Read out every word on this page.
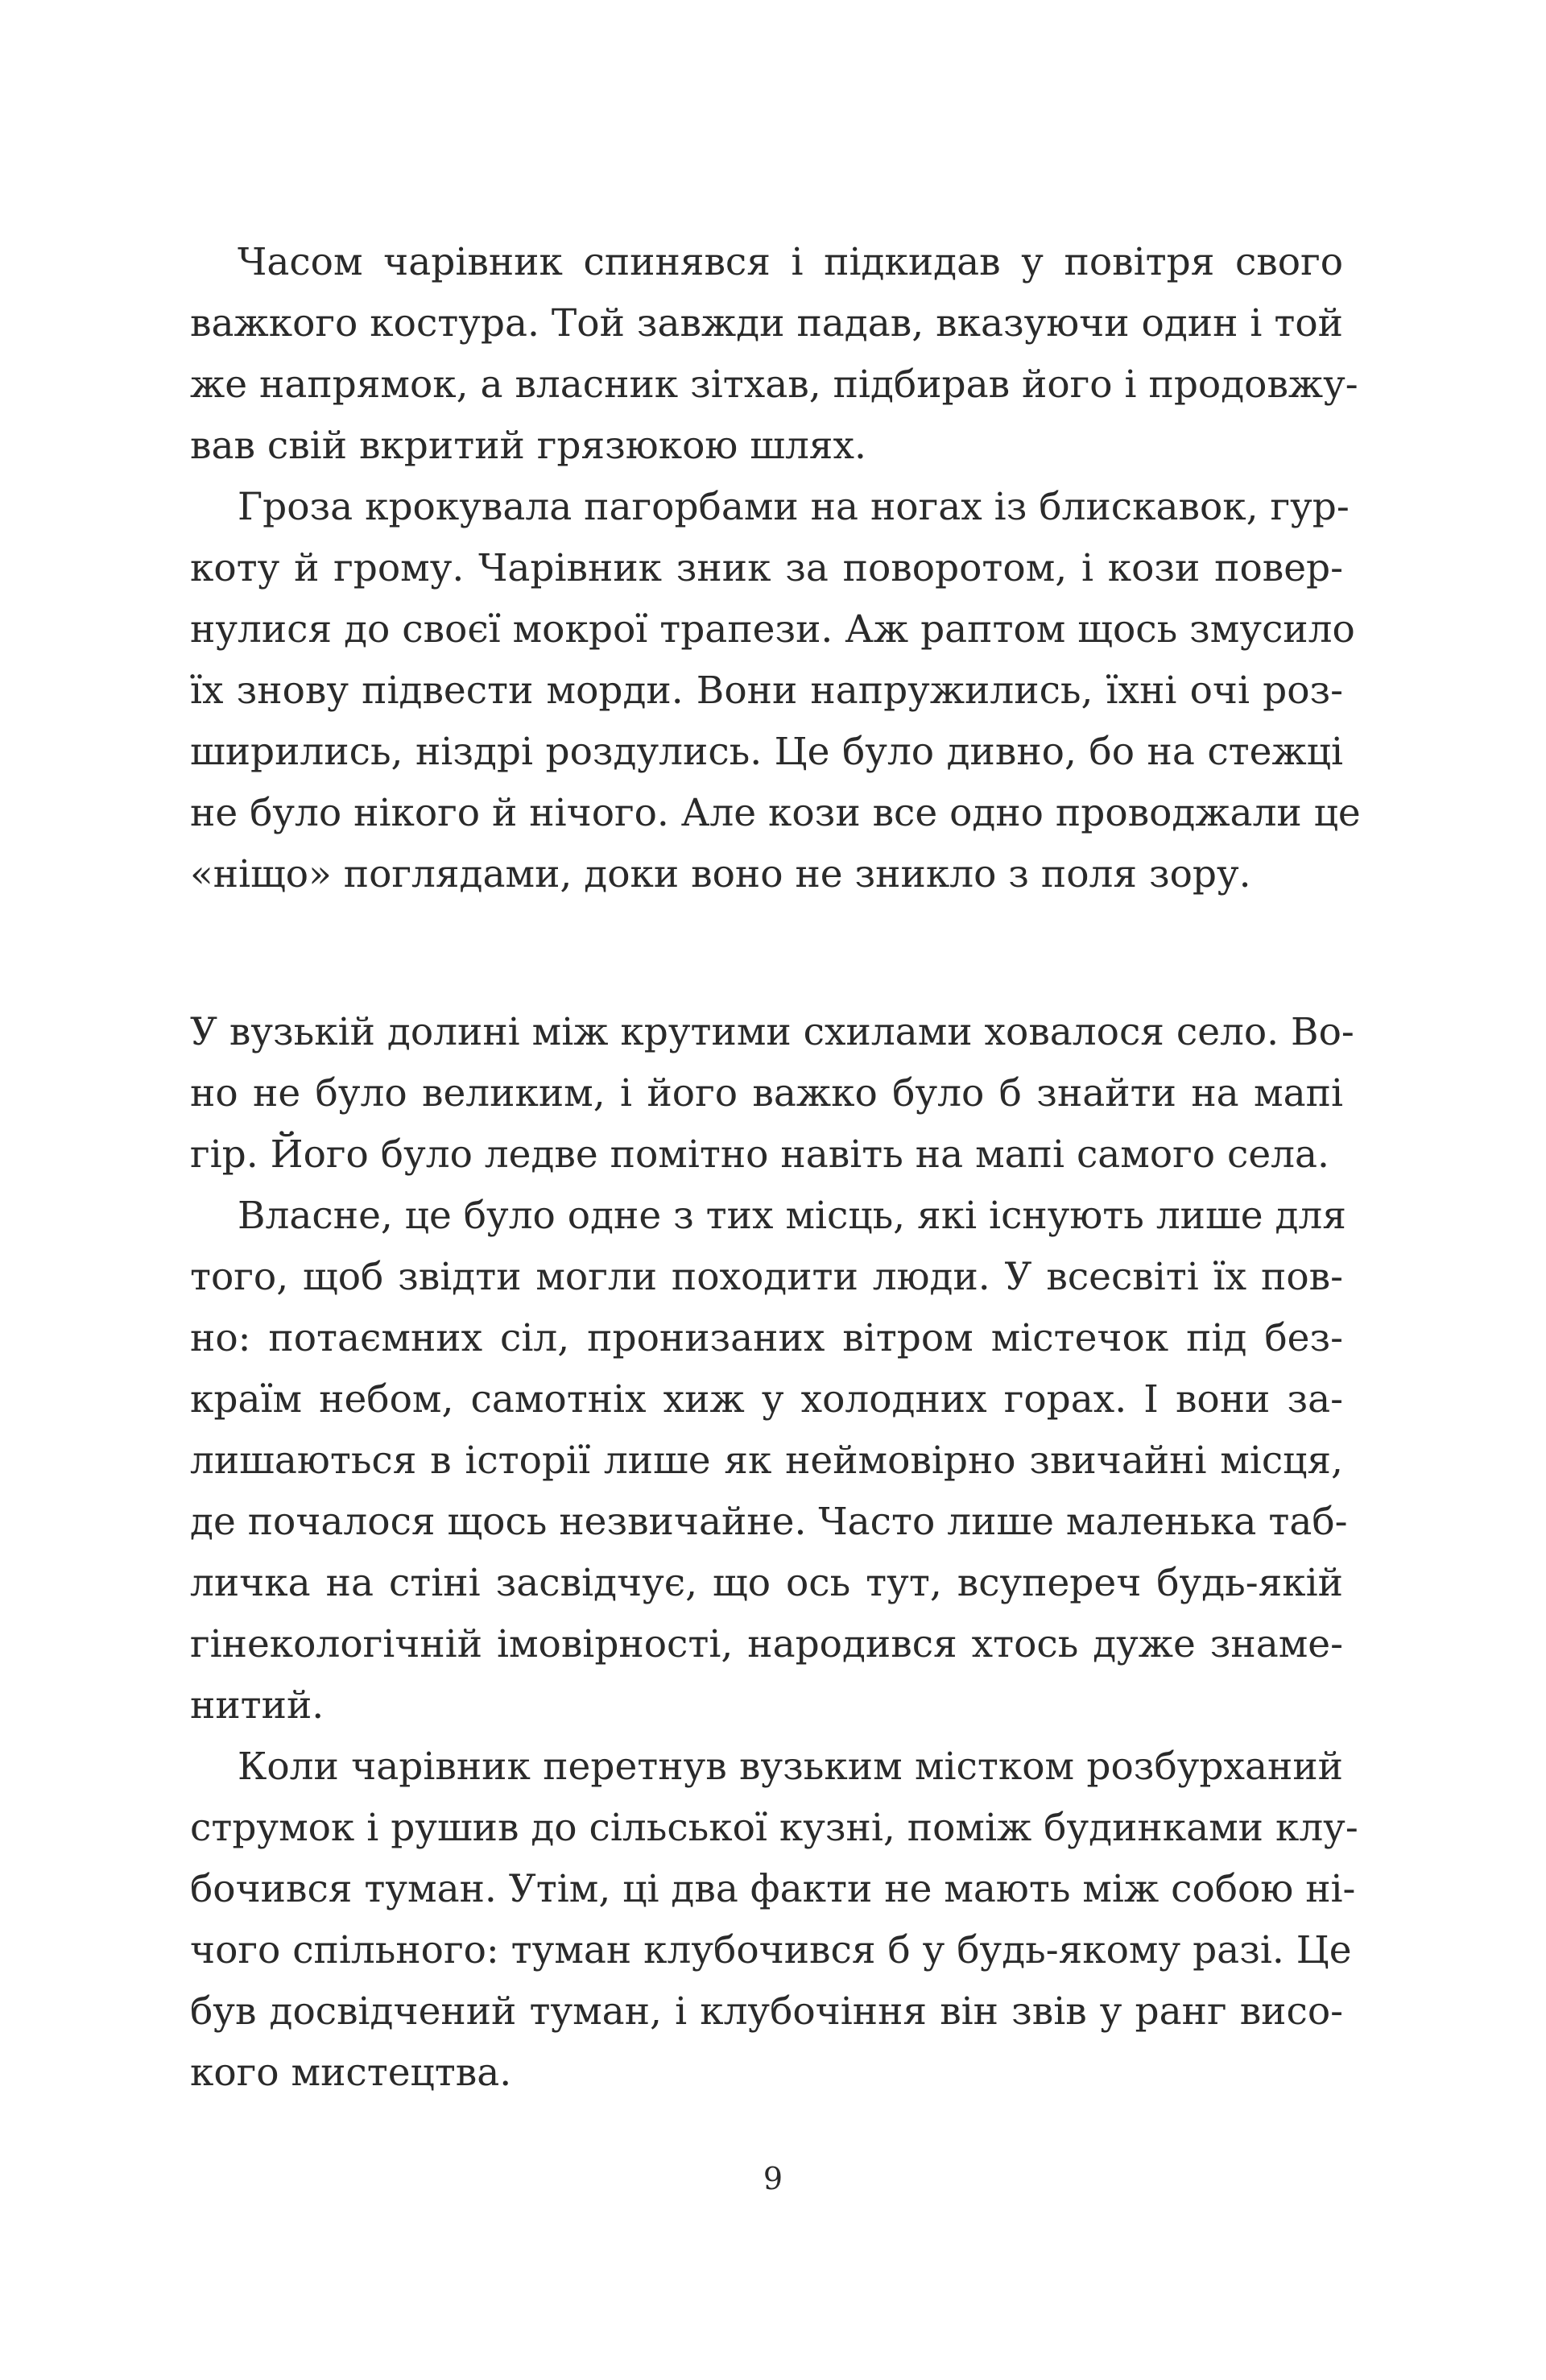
Часом чарівник спинявся і підкидав у повітря свого
важкого костура. Той завжди падав, вказуючи один і той
же напрямок, а власник зітхав, підбирав його і продовжу-
вав свій вкритий грязюкою шлях.
Гроза крокувала пагорбами на ногах із блискавок, гур-
коту й грому. Чарівник зник за поворотом, і кози повер-
нулися до своєї мокрої трапези. Аж раптом щось змусило
їх знову підвести морди. Вони напружились, їхні очі роз-
ширились, ніздрі роздулись. Це було дивно, бо на стежці
не було нікого й нічого. Але кози все одно проводжали це
«ніщо» поглядами, доки воно не зникло з поля зору.
У вузькій долині між крутими схилами ховалося село. Во-
но не було великим, і його важко було б знайти на мапі
гір. Його було ледве помітно навіть на мапі самого села.
Власне, це було одне з тих місць, які існують лише для
того, щоб звідти могли походити люди. У всесвіті їх пов-
но: потаємних сіл, пронизаних вітром містечок під без-
країм небом, самотніх хиж у холодних горах. І вони за-
лишаються в історії лише як неймовірно звичайні місця,
де почалося щось незвичайне. Часто лише маленька таб-
личка на стіні засвідчує, що ось тут, всупереч будь-якій
гінекологічній імовірності, народився хтось дуже знаме-
нитий.
Коли чарівник перетнув вузьким містком розбурханий
струмок і рушив до сільської кузні, поміж будинками клу-
бочився туман. Утім, ці два факти не мають між собою ні-
чого спільного: туман клубочився б у будь-якому разі. Це
був досвідчений туман, і клубочіння він звів у ранг висо-
кого мистецтва.
9
